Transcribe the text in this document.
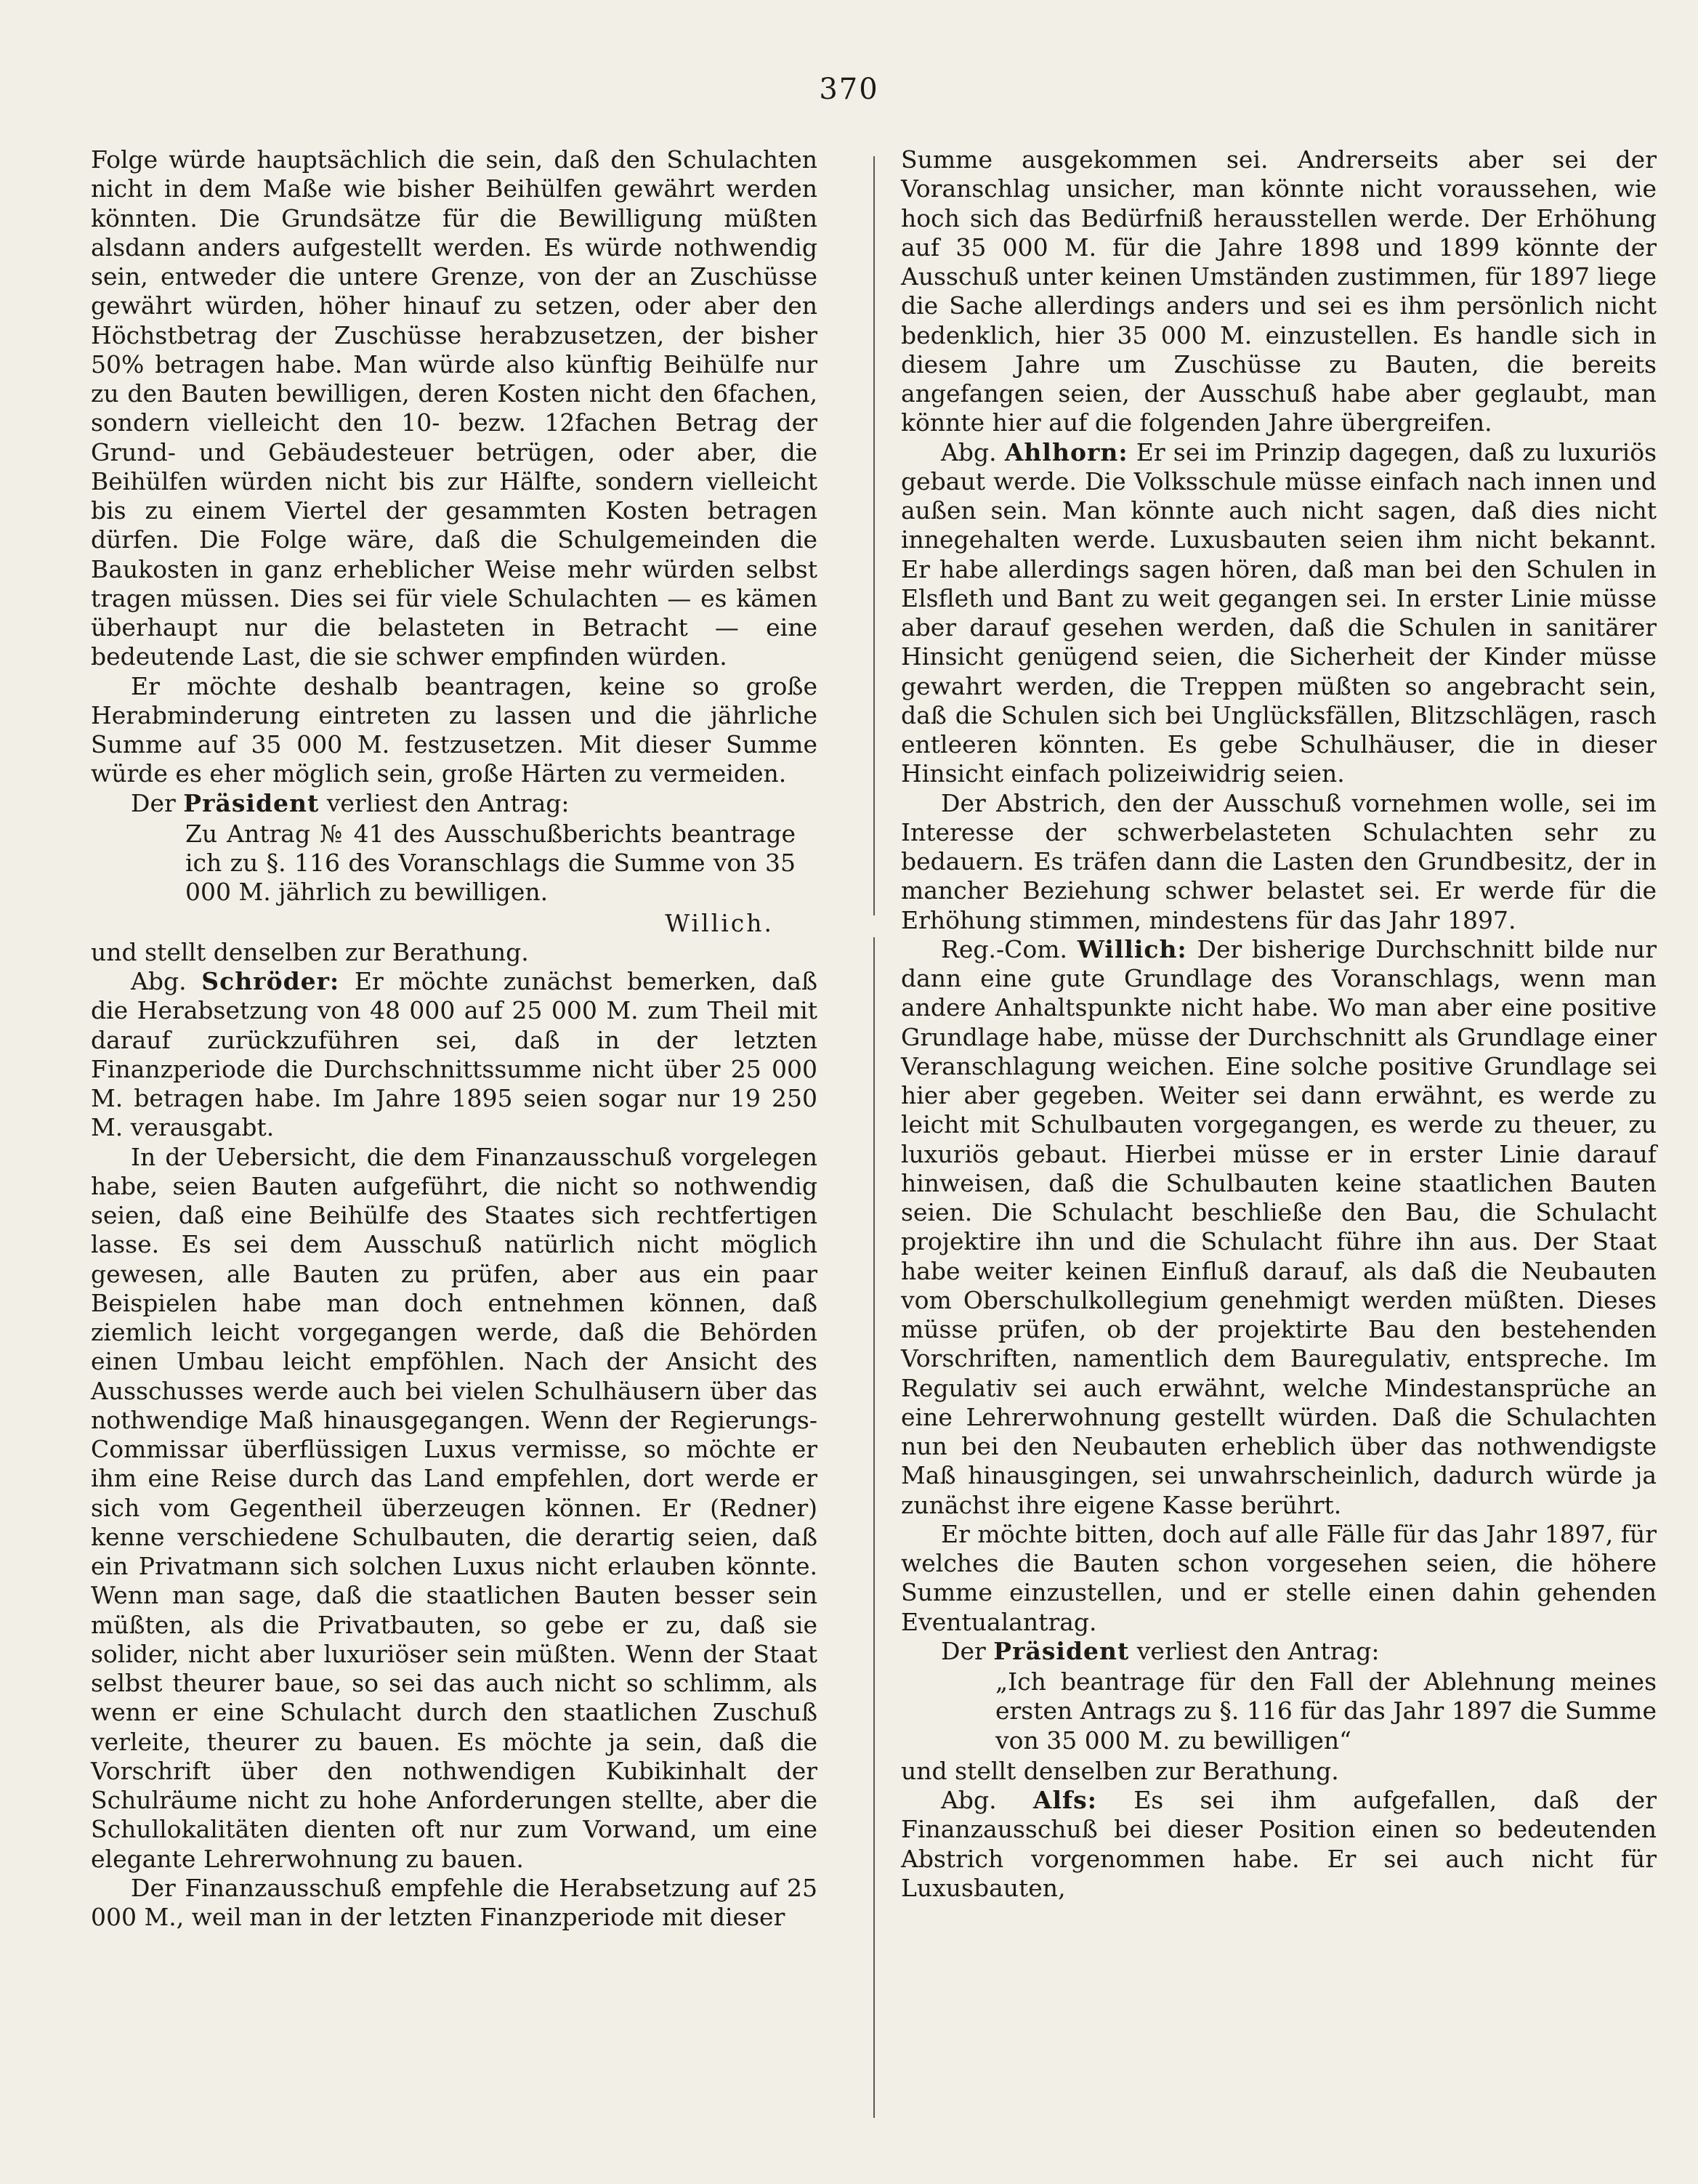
370

Folge würde hauptsächlich die sein, daß den Schulachten nicht in dem Maße wie bisher Beihülfen gewährt werden könnten. Die Grundsätze für die Bewilligung müßten alsdann anders aufgestellt werden. Es würde nothwendig sein, entweder die untere Grenze, von der an Zuschüsse gewährt würden, höher hinauf zu setzen, oder aber den Höchstbetrag der Zuschüsse herabzusetzen, der bisher 50% betragen habe. Man würde also künftig Beihülfe nur zu den Bauten bewilligen, deren Kosten nicht den 6fachen, sondern vielleicht den 10- bezw. 12fachen Betrag der Grund- und Gebäudesteuer betrügen, oder aber, die Beihülfen würden nicht bis zur Hälfte, sondern vielleicht bis zu einem Viertel der gesammten Kosten betragen dürfen. Die Folge wäre, daß die Schulgemeinden die Baukosten in ganz erheblicher Weise mehr würden selbst tragen müssen. Dies sei für viele Schulachten — es kämen überhaupt nur die belasteten in Betracht — eine bedeutende Last, die sie schwer empfinden würden.

Er möchte deshalb beantragen, keine so große Herabminderung eintreten zu lassen und die jährliche Summe auf 35 000 M. festzusetzen. Mit dieser Summe würde es eher möglich sein, große Härten zu vermeiden.

Der Präsident verliest den Antrag:

Zu Antrag № 41 des Ausschußberichts beantrage ich zu §. 116 des Voranschlags die Summe von 35 000 M. jährlich zu bewilligen.

Willich.

und stellt denselben zur Berathung.

Abg. Schröder: Er möchte zunächst bemerken, daß die Herabsetzung von 48 000 auf 25 000 M. zum Theil mit darauf zurückzuführen sei, daß in der letzten Finanzperiode die Durchschnittssumme nicht über 25 000 M. betragen habe. Im Jahre 1895 seien sogar nur 19 250 M. verausgabt.

In der Uebersicht, die dem Finanzausschuß vorgelegen habe, seien Bauten aufgeführt, die nicht so nothwendig seien, daß eine Beihülfe des Staates sich rechtfertigen lasse. Es sei dem Ausschuß natürlich nicht möglich gewesen, alle Bauten zu prüfen, aber aus ein paar Beispielen habe man doch entnehmen können, daß ziemlich leicht vorgegangen werde, daß die Behörden einen Umbau leicht empföhlen. Nach der Ansicht des Ausschusses werde auch bei vielen Schulhäusern über das nothwendige Maß hinausgegangen. Wenn der Regierungs-Commissar überflüssigen Luxus vermisse, so möchte er ihm eine Reise durch das Land empfehlen, dort werde er sich vom Gegentheil überzeugen können. Er (Redner) kenne verschiedene Schulbauten, die derartig seien, daß ein Privatmann sich solchen Luxus nicht erlauben könnte. Wenn man sage, daß die staatlichen Bauten besser sein müßten, als die Privatbauten, so gebe er zu, daß sie solider, nicht aber luxuriöser sein müßten. Wenn der Staat selbst theurer baue, so sei das auch nicht so schlimm, als wenn er eine Schulacht durch den staatlichen Zuschuß verleite, theurer zu bauen. Es möchte ja sein, daß die Vorschrift über den nothwendigen Kubikinhalt der Schulräume nicht zu hohe Anforderungen stellte, aber die Schullokalitäten dienten oft nur zum Vorwand, um eine elegante Lehrerwohnung zu bauen.

Der Finanzausschuß empfehle die Herabsetzung auf 25 000 M., weil man in der letzten Finanzperiode mit dieser

Summe ausgekommen sei. Andrerseits aber sei der Voranschlag unsicher, man könnte nicht voraussehen, wie hoch sich das Bedürfniß herausstellen werde. Der Erhöhung auf 35 000 M. für die Jahre 1898 und 1899 könnte der Ausschuß unter keinen Umständen zustimmen, für 1897 liege die Sache allerdings anders und sei es ihm persönlich nicht bedenklich, hier 35 000 M. einzustellen. Es handle sich in diesem Jahre um Zuschüsse zu Bauten, die bereits angefangen seien, der Ausschuß habe aber geglaubt, man könnte hier auf die folgenden Jahre übergreifen.

Abg. Ahlhorn: Er sei im Prinzip dagegen, daß zu luxuriös gebaut werde. Die Volksschule müsse einfach nach innen und außen sein. Man könnte auch nicht sagen, daß dies nicht innegehalten werde. Luxusbauten seien ihm nicht bekannt. Er habe allerdings sagen hören, daß man bei den Schulen in Elsfleth und Bant zu weit gegangen sei. In erster Linie müsse aber darauf gesehen werden, daß die Schulen in sanitärer Hinsicht genügend seien, die Sicherheit der Kinder müsse gewahrt werden, die Treppen müßten so angebracht sein, daß die Schulen sich bei Unglücksfällen, Blitzschlägen, rasch entleeren könnten. Es gebe Schulhäuser, die in dieser Hinsicht einfach polizeiwidrig seien.

Der Abstrich, den der Ausschuß vornehmen wolle, sei im Interesse der schwerbelasteten Schulachten sehr zu bedauern. Es träfen dann die Lasten den Grundbesitz, der in mancher Beziehung schwer belastet sei. Er werde für die Erhöhung stimmen, mindestens für das Jahr 1897.

Reg.-Com. Willich: Der bisherige Durchschnitt bilde nur dann eine gute Grundlage des Voranschlags, wenn man andere Anhaltspunkte nicht habe. Wo man aber eine positive Grundlage habe, müsse der Durchschnitt als Grundlage einer Veranschlagung weichen. Eine solche positive Grundlage sei hier aber gegeben. Weiter sei dann erwähnt, es werde zu leicht mit Schulbauten vorgegangen, es werde zu theuer, zu luxuriös gebaut. Hierbei müsse er in erster Linie darauf hinweisen, daß die Schulbauten keine staatlichen Bauten seien. Die Schulacht beschließe den Bau, die Schulacht projektire ihn und die Schulacht führe ihn aus. Der Staat habe weiter keinen Einfluß darauf, als daß die Neubauten vom Oberschulkollegium genehmigt werden müßten. Dieses müsse prüfen, ob der projektirte Bau den bestehenden Vorschriften, namentlich dem Bauregulativ, entspreche. Im Regulativ sei auch erwähnt, welche Mindestansprüche an eine Lehrerwohnung gestellt würden. Daß die Schulachten nun bei den Neubauten erheblich über das nothwendigste Maß hinausgingen, sei unwahrscheinlich, dadurch würde ja zunächst ihre eigene Kasse berührt.

Er möchte bitten, doch auf alle Fälle für das Jahr 1897, für welches die Bauten schon vorgesehen seien, die höhere Summe einzustellen, und er stelle einen dahin gehenden Eventualantrag.

Der Präsident verliest den Antrag:

„Ich beantrage für den Fall der Ablehnung meines ersten Antrags zu §. 116 für das Jahr 1897 die Summe von 35 000 M. zu bewilligen“

und stellt denselben zur Berathung.

Abg. Alfs: Es sei ihm aufgefallen, daß der Finanzausschuß bei dieser Position einen so bedeutenden Abstrich vorgenommen habe. Er sei auch nicht für Luxusbauten,
